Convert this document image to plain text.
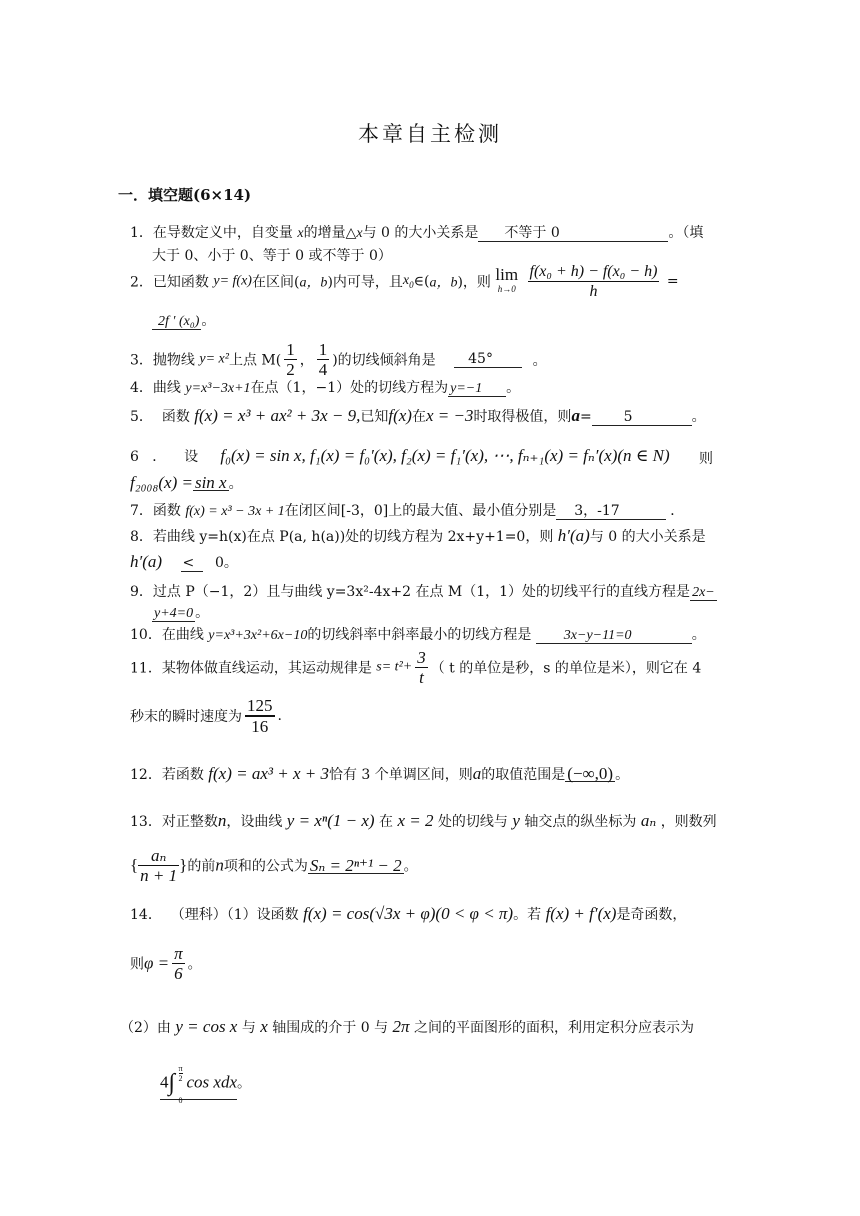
本章自主检测
一．填空题(6×14)
1．在导数定义中，自变量 x的增量△x与 0 的大小关系是 不等于 0	。（填
大于 0、小于 0、等于 0 或不等于 0）
2．已知函数 y= f(x)在区间(a，b)内可导，且$x_0\in(a$，b)，则 lim
h→0
$\frac{\text{f(x₀ + h) − f(x₀ − h)}}{h}$ =
2f ′ (x₀) 。
3．抛物线 y= x²上点 $M( \frac{1}{2}$ ， $\frac{1}{4}$ )的切线倾斜角是 45°	。
4．曲线 y=x³−3x+1在点（1，−1）处的切线方程为 y=−1 。
5． 函数 f(x) = x³ + ax² + 3x − 9,已知f(x)在x = −3时取得极值，则a= 5	。
6 ． 设 f₀(x) = sin x, f₁(x) = f₀′(x), f₂(x) = f₁′(x), ⋯, fₙ₊₁(x) = fₙ′(x)(n ∈ N) 则
f₂₀₀₈(x) = sin x 。
7．函数 f(x) = x³ − 3x + 1在闭区间[-3，0]上的最大值、最小值分别是 3，-17	．
8．若曲线 y=h(x)在点 P(a, h(a))处的切线方程为 2x+y+1=0，则 h′(a)与 0 的大小关系是
h′(a) < 0。
9．过点 P（−1，2）且与曲线 y=3x²-4x+2 在点 M（1，1）处的切线平行的直线方程是 2x−
y+4=0 。
10．在曲线 y=x³+3x²+6x−10的切线斜率中斜率最小的切线方程是 3x−y−11=0	。
11．某物体做直线运动，其运动规律是 $s= t^2+ \frac{3}{t}$ （ t 的单位是秒，s 的单位是米），则它在 4
秒末的瞬时速度为 $\frac{125}{16}$ .
12．若函数 f(x) = ax³ + x + 3恰有 3 个单调区间，则a的取值范围是 (−∞,0) 。
13．对正整数n，设曲线 y = xⁿ(1 − x) 在 x = 2 处的切线与 y 轴交点的纵坐标为 aₙ ，则数列
{ $\frac{\text{aₙ}}{n + 1}$ }的前n项和的公式为 Sₙ = 2ⁿ⁺¹ − 2 。
14． （理科）（1）设函数 f(x) = cos(√3x + φ)(0 < φ < π)。若 f(x) + f′(x)是奇函数，
则$\varphi = \frac{\pi}{6}$ 。
（2）由 y = cos x 与 x 轴围成的介于 0 与 2π 之间的平面图形的面积，利用定积分应表示为
4∫
π
2
0
cos xdx。
